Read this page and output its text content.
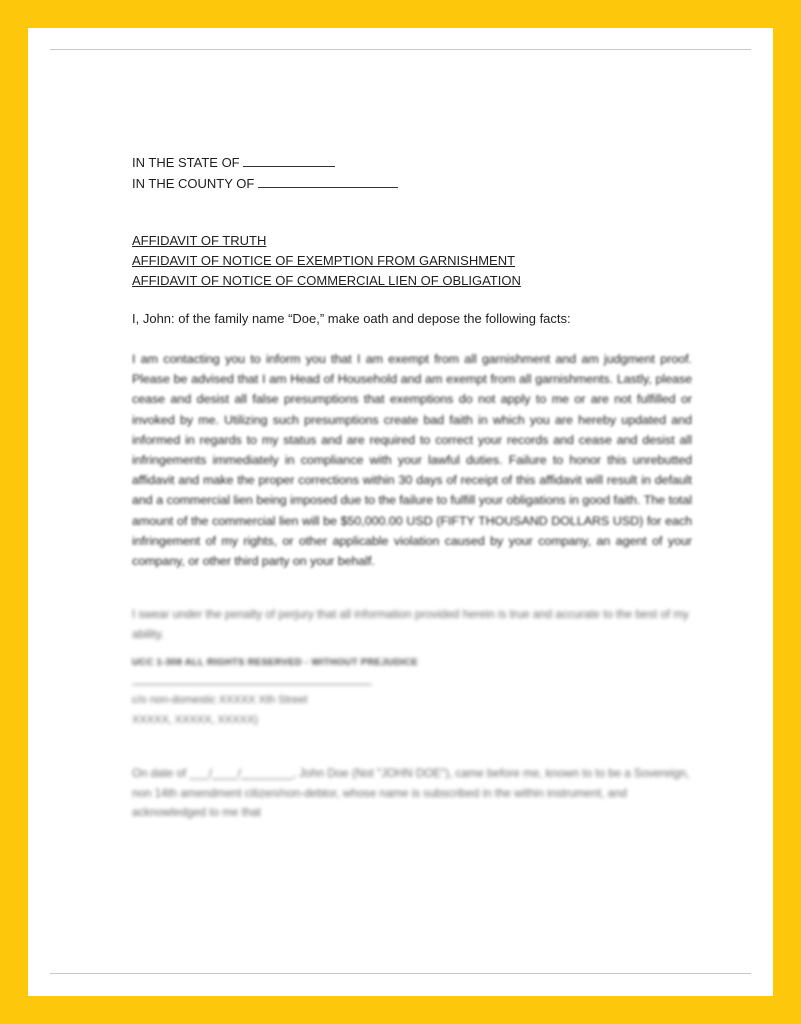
IN THE STATE OF

IN THE COUNTY OF

AFFIDAVIT OF TRUTH

AFFIDAVIT OF NOTICE OF EXEMPTION FROM GARNISHMENT

AFFIDAVIT OF NOTICE OF COMMERCIAL LIEN OF OBLIGATION

I, John: of the family name “Doe,” make oath and depose the following facts:

I am contacting you to inform you that I am exempt from all garnishment and am judgment proof. Please be advised that I am Head of Household and am exempt from all garnishments. Lastly, please cease and desist all false presumptions that exemptions do not apply to me or are not fulfilled or invoked by me. Utilizing such presumptions create bad faith in which you are hereby updated and informed in regards to my status and are required to correct your records and cease and desist all infringements immediately in compliance with your lawful duties. Failure to honor this unrebutted affidavit and make the proper corrections within 30 days of receipt of this affidavit will result in default and a commercial lien being imposed due to the failure to fulfill your obligations in good faith. The total amount of the commercial lien will be $50,000.00 USD (FIFTY THOUSAND DOLLARS USD) for each infringement of my rights, or other applicable violation caused by your company, an agent of your company, or other third party on your behalf.

I swear under the penalty of perjury that all information provided herein is true and accurate to the best of my ability.

UCC 1-308 ALL RIGHTS RESERVED - WITHOUT PREJUDICE

c/o non-domestic XXXXX Xth Street
XXXXX, XXXXX, XXXXX)

On date of ___/____/________, John Doe (Not "JOHN DOE"), came before me, known to to be a Sovereign, non 14th amendment citizen/non-debtor, whose name is subscribed in the within instrument, and acknowledged to me that
